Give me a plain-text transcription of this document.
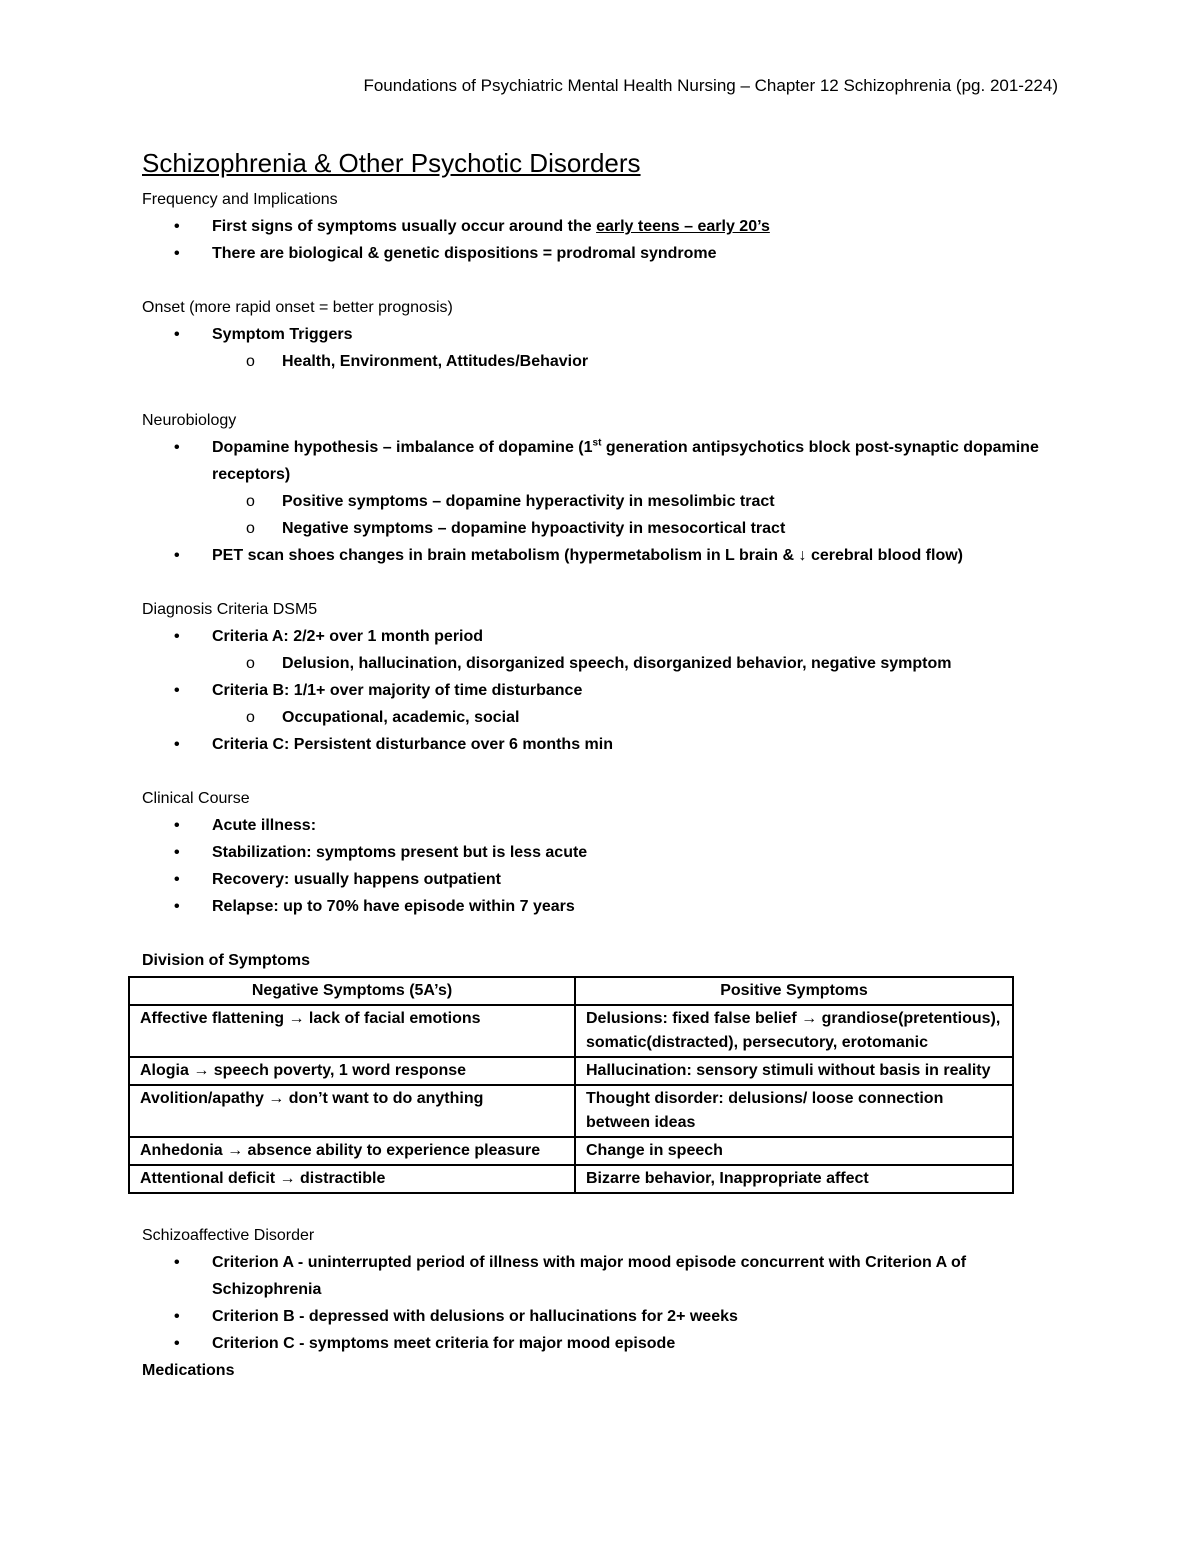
Foundations of Psychiatric Mental Health Nursing – Chapter 12 Schizophrenia (pg. 201-224)
Schizophrenia & Other Psychotic Disorders

Frequency and Implications

• First signs of symptoms usually occur around the early teens – early 20’s
• There are biological & genetic dispositions = prodromal syndrome

Onset (more rapid onset = better prognosis)

• Symptom Triggers
o Health, Environment, Attitudes/Behavior

Neurobiology

• Dopamine hypothesis – imbalance of dopamine (1st generation antipsychotics block post-synaptic dopamine receptors)
o Positive symptoms – dopamine hyperactivity in mesolimbic tract
o Negative symptoms – dopamine hypoactivity in mesocortical tract
• PET scan shoes changes in brain metabolism (hypermetabolism in L brain & ↓ cerebral blood flow)

Diagnosis Criteria DSM5

• Criteria A: 2/2+ over 1 month period
o Delusion, hallucination, disorganized speech, disorganized behavior, negative symptom
• Criteria B: 1/1+ over majority of time disturbance
o Occupational, academic, social
• Criteria C: Persistent disturbance over 6 months min

Clinical Course

• Acute illness:
• Stabilization: symptoms present but is less acute
• Recovery: usually happens outpatient
• Relapse: up to 70% have episode within 7 years

Division of Symptoms

Negative Symptoms (5A’s)	Positive Symptoms
Affective flattening → lack of facial emotions	Delusions: fixed false belief → grandiose(pretentious), somatic(distracted), persecutory, erotomanic
Alogia → speech poverty, 1 word response	Hallucination: sensory stimuli without basis in reality
Avolition/apathy → don’t want to do anything	Thought disorder: delusions/ loose connection between ideas
Anhedonia → absence ability to experience pleasure	Change in speech
Attentional deficit → distractible	Bizarre behavior, Inappropriate affect

Schizoaffective Disorder

• Criterion A - uninterrupted period of illness with major mood episode concurrent with Criterion A of Schizophrenia
• Criterion B - depressed with delusions or hallucinations for 2+ weeks
• Criterion C - symptoms meet criteria for major mood episode

Medications
